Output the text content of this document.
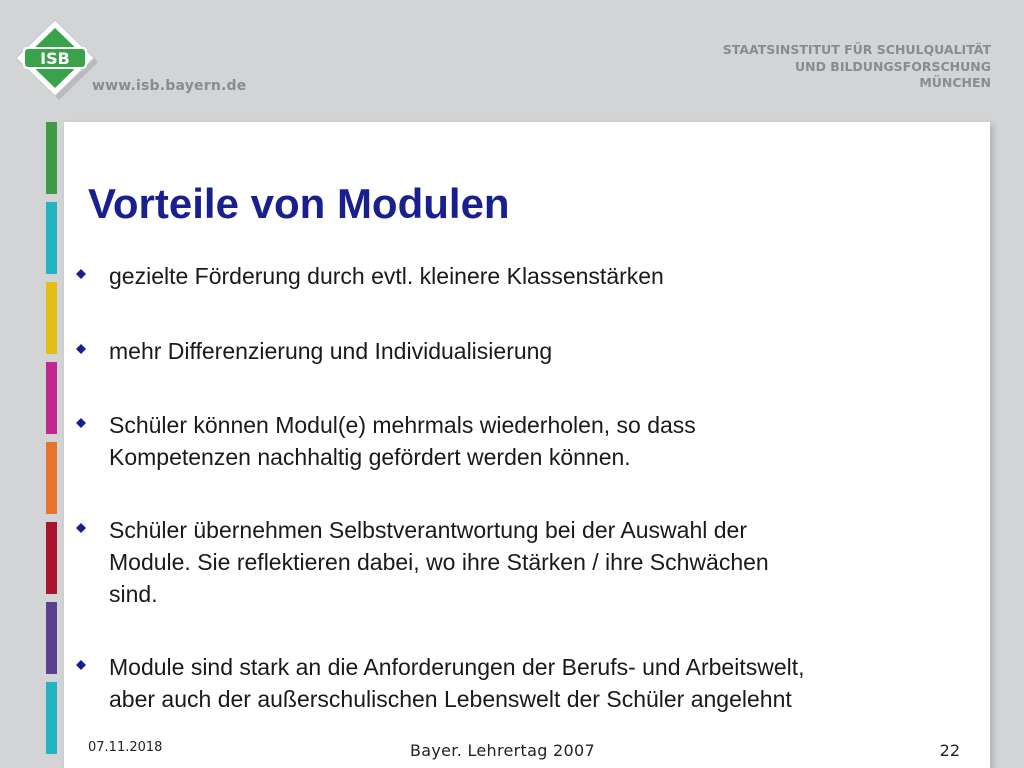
ISB
www.isb.bayern.de
STAATSINSTITUT FÜR SCHULQUALITÄT
UND BILDUNGSFORSCHUNG
MÜNCHEN
Vorteile von Modulen
gezielte Förderung durch evtl. kleinere Klassenstärken
mehr Differenzierung und Individualisierung
Schüler können Modul(e) mehrmals wiederholen, so dass
Kompetenzen nachhaltig gefördert werden können.
Schüler übernehmen Selbstverantwortung bei der Auswahl der
Module. Sie reflektieren dabei, wo ihre Stärken / ihre Schwächen
sind.
Module sind stark an die Anforderungen der Berufs- und Arbeitswelt,
aber auch der außerschulischen Lebenswelt der Schüler angelehnt
07.11.2018	Bayer. Lehrertag 2007	22
